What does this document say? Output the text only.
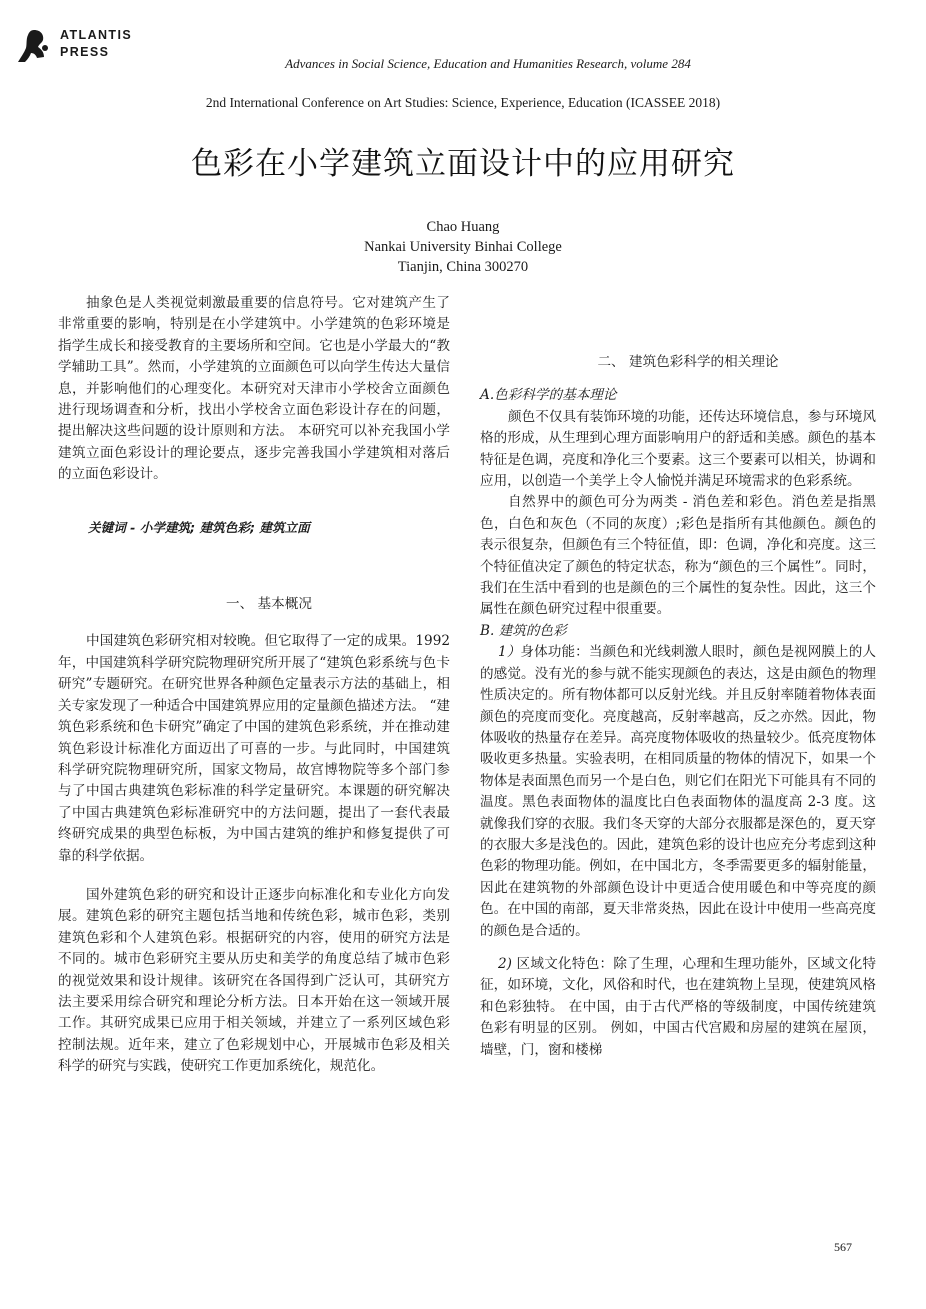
ATLANTIS
PRESS
Advances in Social Science, Education and Humanities Research, volume 284
2nd International Conference on Art Studies: Science, Experience, Education (ICASSEE 2018)
色彩在小学建筑立面设计中的应用研究
Chao Huang
Nankai University Binhai College
Tianjin, China 300270

抽象色是人类视觉刺激最重要的信息符号。它对建筑产生了非常重要的影响，特别是在小学建筑中。小学建筑的色彩环境是指学生成长和接受教育的主要场所和空间。它也是小学最大的“教学辅助工具”。然而，小学建筑的立面颜色可以向学生传达大量信息，并影响他们的心理变化。本研究对天津市小学校舍立面颜色进行现场调查和分析，找出小学校舍立面色彩设计存在的问题，提出解决这些问题的设计原则和方法。 本研究可以补充我国小学建筑立面色彩设计的理论要点，逐步完善我国小学建筑相对落后的立面色彩设计。

关键词 - 小学建筑; 建筑色彩; 建筑立面

一、 基本概况

中国建筑色彩研究相对较晚。但它取得了一定的成果。1992 年，中国建筑科学研究院物理研究所开展了“建筑色彩系统与色卡研究”专题研究。在研究世界各种颜色定量表示方法的基础上，相关专家发现了一种适合中国建筑界应用的定量颜色描述方法。 “建筑色彩系统和色卡研究”确定了中国的建筑色彩系统，并在推动建筑色彩设计标准化方面迈出了可喜的一步。与此同时，中国建筑科学研究院物理研究所，国家文物局，故宫博物院等多个部门参与了中国古典建筑色彩标准的科学定量研究。本课题的研究解决了中国古典建筑色彩标准研究中的方法问题，提出了一套代表最终研究成果的典型色标板，为中国古建筑的维护和修复提供了可靠的科学依据。

国外建筑色彩的研究和设计正逐步向标准化和专业化方向发展。建筑色彩的研究主题包括当地和传统色彩，城市色彩，类别建筑色彩和个人建筑色彩。根据研究的内容，使用的研究方法是不同的。城市色彩研究主要从历史和美学的角度总结了城市色彩的视觉效果和设计规律。该研究在各国得到广泛认可，其研究方法主要采用综合研究和理论分析方法。日本开始在这一领域开展工作。其研究成果已应用于相关领域，并建立了一系列区域色彩控制法规。近年来，建立了色彩规划中心，开展城市色彩及相关科学的研究与实践，使研究工作更加系统化，规范化。

二、 建筑色彩科学的相关理论

A.色彩科学的基本理论

颜色不仅具有装饰环境的功能，还传达环境信息，参与环境风格的形成，从生理到心理方面影响用户的舒适和美感。颜色的基本特征是色调，亮度和净化三个要素。这三个要素可以相关，协调和应用，以创造一个美学上令人愉悦并满足环境需求的色彩系统。

自然界中的颜色可分为两类 - 消色差和彩色。消色差是指黑色，白色和灰色（不同的灰度）;彩色是指所有其他颜色。颜色的表示很复杂，但颜色有三个特征值，即：色调，净化和亮度。这三个特征值决定了颜色的特定状态，称为“颜色的三个属性”。同时，我们在生活中看到的也是颜色的三个属性的复杂性。因此，这三个属性在颜色研究过程中很重要。

B. 建筑的色彩

1）身体功能：当颜色和光线刺激人眼时，颜色是视网膜上的人的感觉。没有光的参与就不能实现颜色的表达，这是由颜色的物理性质决定的。所有物体都可以反射光线。并且反射率随着物体表面颜色的亮度而变化。亮度越高，反射率越高，反之亦然。因此，物体吸收的热量存在差异。高亮度物体吸收的热量较少。低亮度物体吸收更多热量。实验表明，在相同质量的物体的情况下，如果一个物体是表面黑色而另一个是白色，则它们在阳光下可能具有不同的温度。黑色表面物体的温度比白色表面物体的温度高 2-3 度。这就像我们穿的衣服。我们冬天穿的大部分衣服都是深色的，夏天穿的衣服大多是浅色的。因此，建筑色彩的设计也应充分考虑到这种色彩的物理功能。例如，在中国北方，冬季需要更多的辐射能量，因此在建筑物的外部颜色设计中更适合使用暖色和中等亮度的颜色。在中国的南部，夏天非常炎热，因此在设计中使用一些高亮度的颜色是合适的。

2) 区域文化特色：除了生理，心理和生理功能外，区域文化特征，如环境，文化，风俗和时代，也在建筑物上呈现，使建筑风格和色彩独特。 在中国，由于古代严格的等级制度，中国传统建筑色彩有明显的区别。 例如，中国古代宫殿和房屋的建筑在屋顶，墙壁，门，窗和楼梯

567
